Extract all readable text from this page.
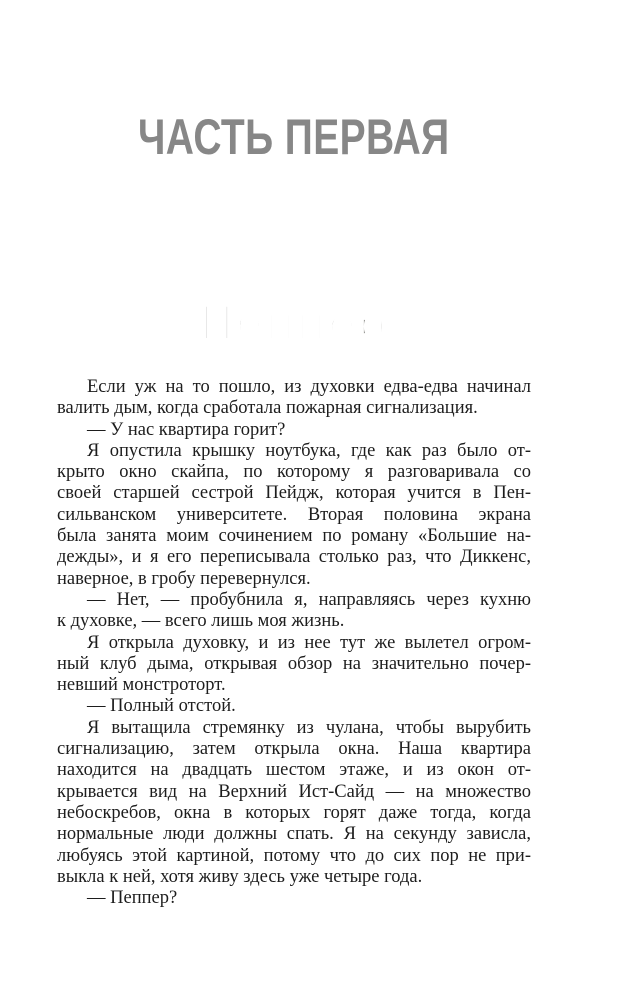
ЧАСТЬ ПЕРВАЯ
Пеппер
Если уж на то пошло, из духовки едва-едва начинал
валить дым, когда сработала пожарная сигнализация.
— У нас квартира горит?
Я опустила крышку ноутбука, где как раз было от-
крыто окно скайпа, по которому я разговаривала со
своей старшей сестрой Пейдж, которая учится в Пен-
сильванском университете. Вторая половина экрана
была занята моим сочинением по роману «Большие на-
дежды», и я его переписывала столько раз, что Диккенс,
наверное, в гробу перевернулся.
— Нет, — пробубнила я, направляясь через кухню
к духовке, — всего лишь моя жизнь.
Я открыла духовку, и из нее тут же вылетел огром-
ный клуб дыма, открывая обзор на значительно почер-
невший монстроторт.
— Полный отстой.
Я вытащила стремянку из чулана, чтобы вырубить
сигнализацию, затем открыла окна. Наша квартира
находится на двадцать шестом этаже, и из окон от-
крывается вид на Верхний Ист-Сайд — на множество
небоскребов, окна в которых горят даже тогда, когда
нормальные люди должны спать. Я на секунду зависла,
любуясь этой картиной, потому что до сих пор не при-
выкла к ней, хотя живу здесь уже четыре года.
— Пеппер?
